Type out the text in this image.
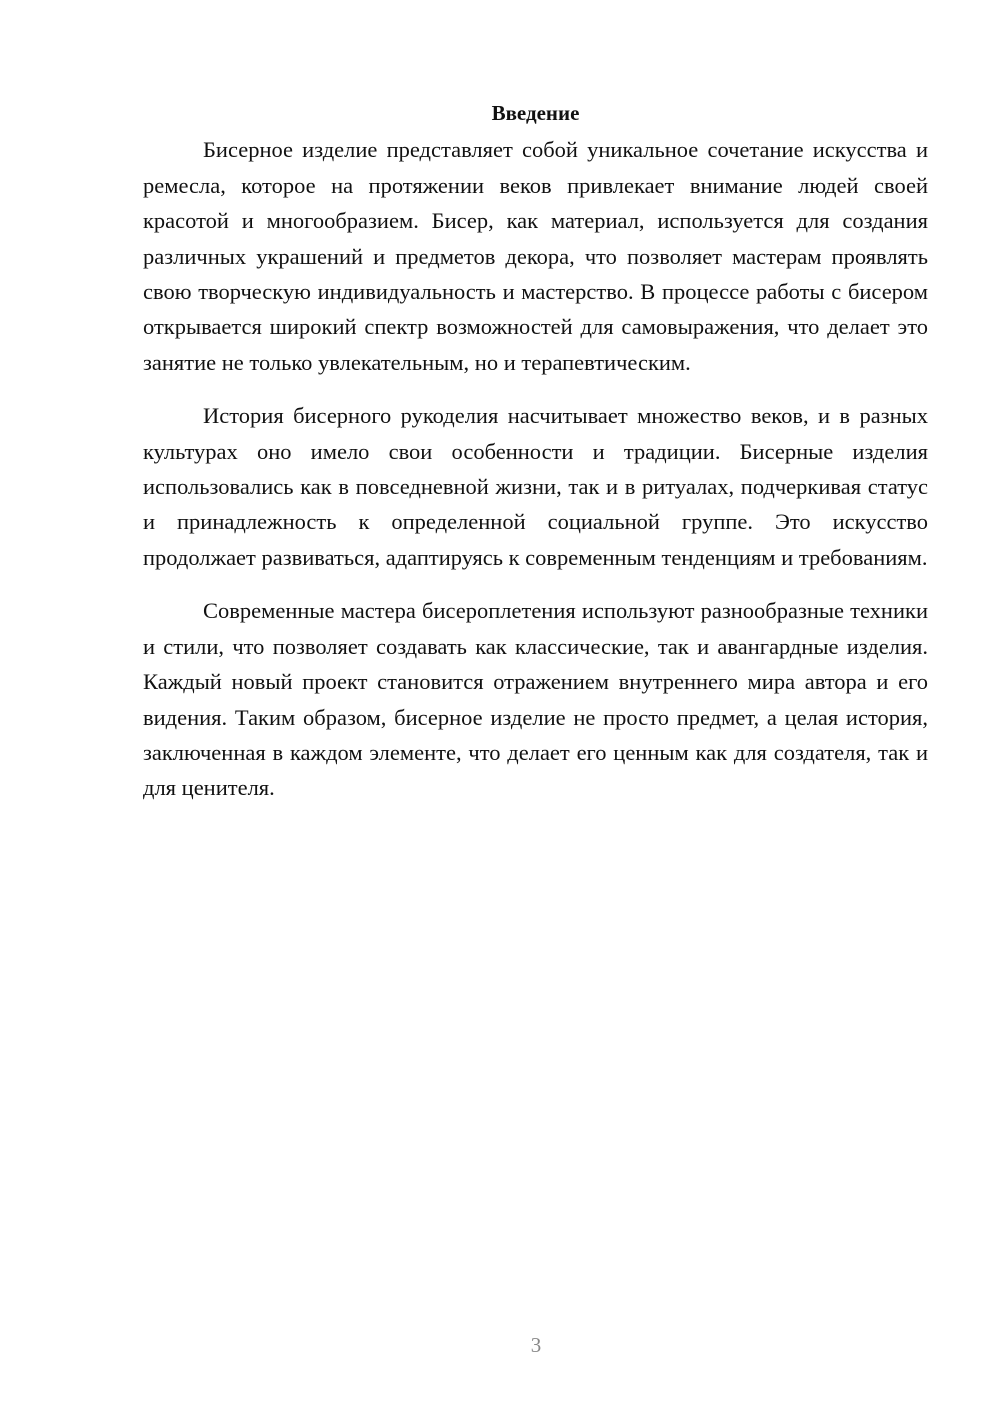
Введение

Бисерное изделие представляет собой уникальное сочетание искусства и ремесла, которое на протяжении веков привлекает внимание людей своей красотой и многообразием. Бисер, как материал, используется для создания различных украшений и предметов декора, что позволяет мастерам проявлять свою творческую индивидуальность и мастерство. В процессе работы с бисером открывается широкий спектр возможностей для самовыражения, что делает это занятие не только увлекательным, но и терапевтическим.

История бисерного рукоделия насчитывает множество веков, и в разных культурах оно имело свои особенности и традиции. Бисерные изделия использовались как в повседневной жизни, так и в ритуалах, подчеркивая статус и принадлежность к определенной социальной группе. Это искусство продолжает развиваться, адаптируясь к современным тенденциям и требованиям.

Современные мастера бисероплетения используют разнообразные техники и стили, что позволяет создавать как классические, так и авангардные изделия. Каждый новый проект становится отражением внутреннего мира автора и его видения. Таким образом, бисерное изделие не просто предмет, а целая история, заключенная в каждом элементе, что делает его ценным как для создателя, так и для ценителя.

3
